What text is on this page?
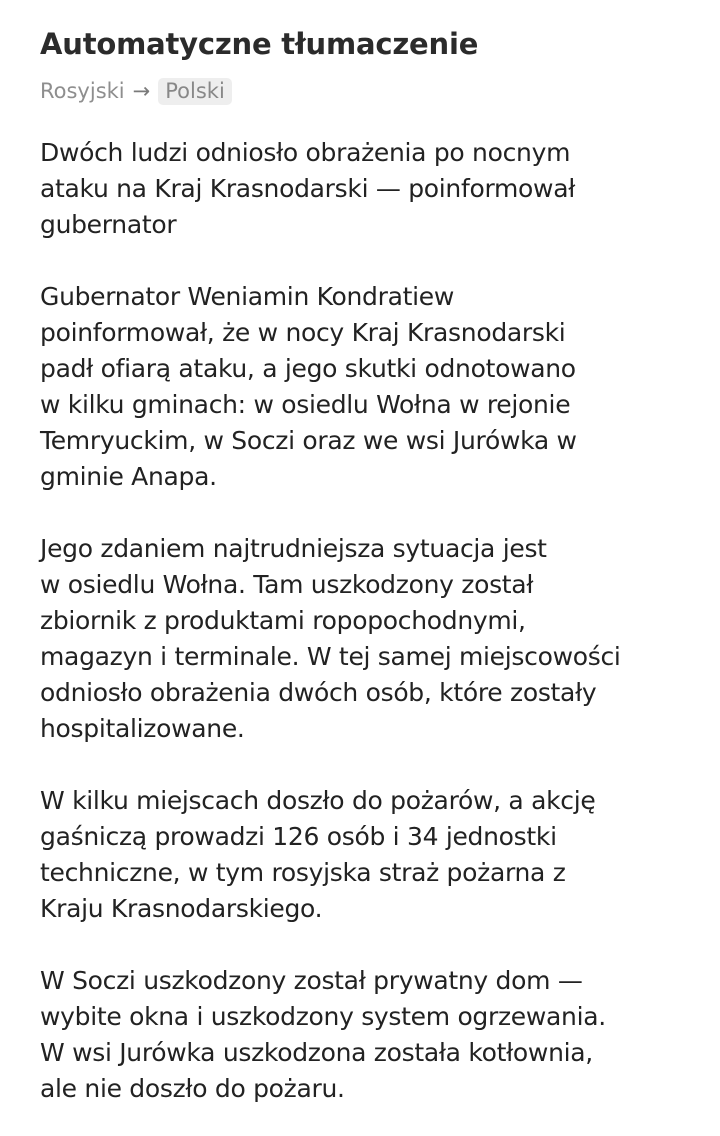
Automatyczne tłumaczenie
Rosyjski → Polski

Dwóch ludzi odniosło obrażenia po nocnym
ataku na Kraj Krasnodarski — poinformował
gubernator

Gubernator Weniamin Kondratiew
poinformował, że w nocy Kraj Krasnodarski
padł ofiarą ataku, a jego skutki odnotowano
w kilku gminach: w osiedlu Wołna w rejonie
Temryuckim, w Soczi oraz we wsi Jurówka w
gminie Anapa.

Jego zdaniem najtrudniejsza sytuacja jest
w osiedlu Wołna. Tam uszkodzony został
zbiornik z produktami ropopochodnymi,
magazyn i terminale. W tej samej miejscowości
odniosło obrażenia dwóch osób, które zostały
hospitalizowane.

W kilku miejscach doszło do pożarów, a akcję
gaśniczą prowadzi 126 osób i 34 jednostki
techniczne, w tym rosyjska straż pożarna z
Kraju Krasnodarskiego.

W Soczi uszkodzony został prywatny dom —
wybite okna i uszkodzony system ogrzewania.
W wsi Jurówka uszkodzona została kotłownia,
ale nie doszło do pożaru.
